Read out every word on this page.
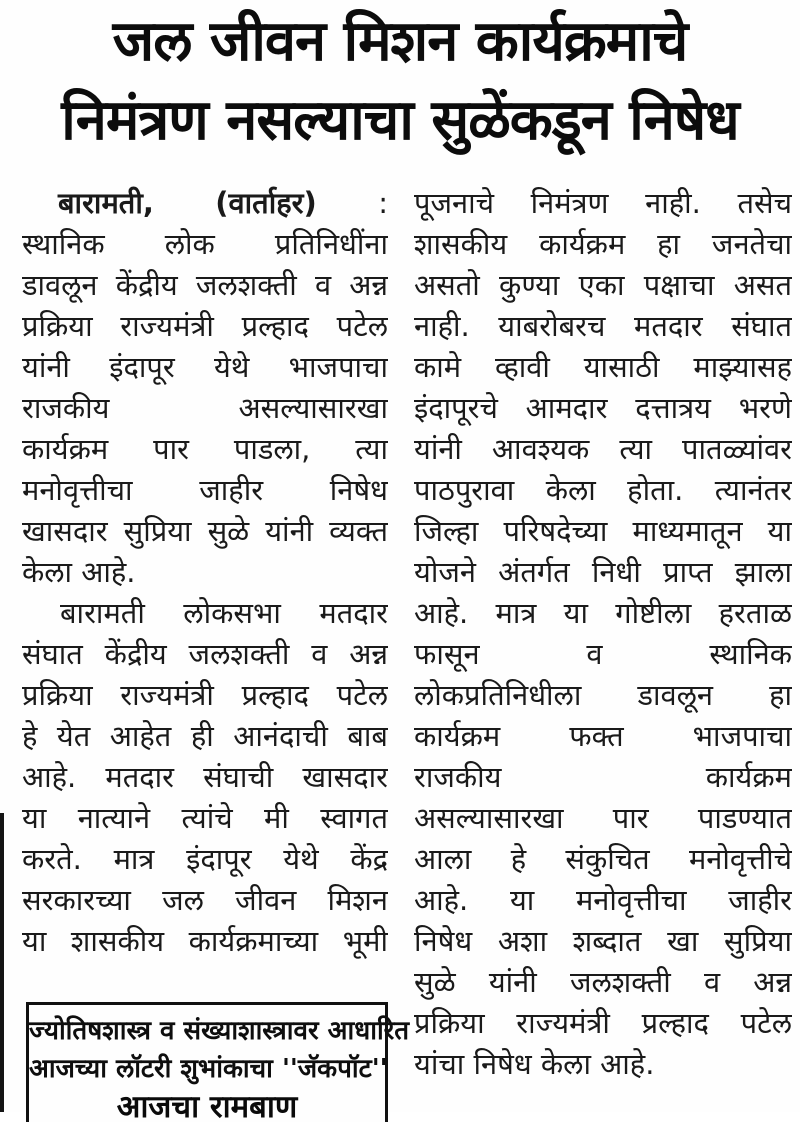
जल जीवन मिशन कार्यक्रमाचे
निमंत्रण नसल्याचा सुळेंकडून निषेध
बारामती, (वार्ताहर) :
स्थानिक लोक प्रतिनिधींना
डावलून केंद्रीय जलशक्ती व अन्न
प्रक्रिया राज्यमंत्री प्रल्हाद पटेल
यांनी इंदापूर येथे भाजपाचा
राजकीय असल्यासारखा
कार्यक्रम पार पाडला, त्या
मनोवृत्तीचा जाहीर निषेध
खासदार सुप्रिया सुळे यांनी व्यक्त
केला आहे.
बारामती लोकसभा मतदार
संघात केंद्रीय जलशक्ती व अन्न
प्रक्रिया राज्यमंत्री प्रल्हाद पटेल
हे येत आहेत ही आनंदाची बाब
आहे. मतदार संघाची खासदार
या नात्याने त्यांचे मी स्वागत
करते. मात्र इंदापूर येथे केंद्र
सरकारच्या जल जीवन मिशन
या शासकीय कार्यक्रमाच्या भूमी
पूजनाचे निमंत्रण नाही. तसेच
शासकीय कार्यक्रम हा जनतेचा
असतो कुण्या एका पक्षाचा असत
नाही. याबरोबरच मतदार संघात
कामे व्हावी यासाठी माझ्यासह
इंदापूरचे आमदार दत्तात्रय भरणे
यांनी आवश्यक त्या पातळ्यांवर
पाठपुरावा केला होता. त्यानंतर
जिल्हा परिषदेच्या माध्यमातून या
योजने अंतर्गत निधी प्राप्त झाला
आहे. मात्र या गोष्टीला हरताळ
फासून व स्थानिक
लोकप्रतिनिधीला डावलून हा
कार्यक्रम फक्त भाजपाचा
राजकीय कार्यक्रम
असल्यासारखा पार पाडण्यात
आला हे संकुचित मनोवृत्तीचे
आहे. या मनोवृत्तीचा जाहीर
निषेध अशा शब्दात खा सुप्रिया
सुळे यांनी जलशक्ती व अन्न
प्रक्रिया राज्यमंत्री प्रल्हाद पटेल
यांचा निषेध केला आहे.
ज्योतिषशास्त्र व संख्याशास्त्रावर आधारित
आजच्या लॉटरी शुभांकाचा ''जॅकपॉट''
आजचा रामबाण
